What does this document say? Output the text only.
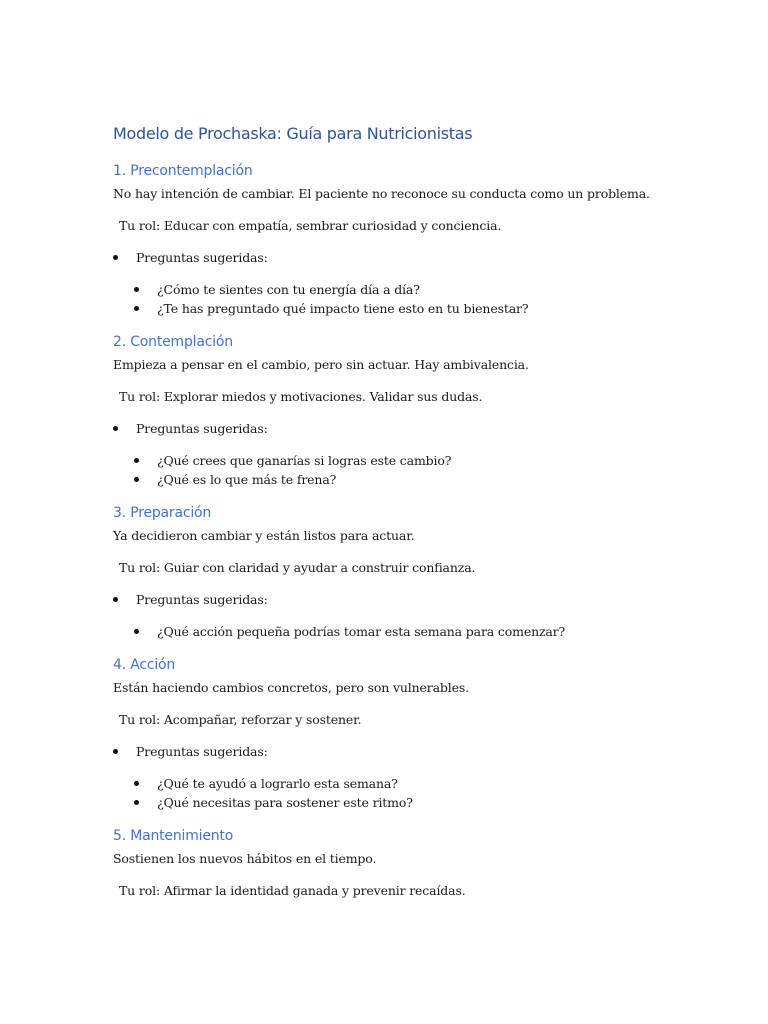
Modelo de Prochaska: Guía para Nutricionistas
1. Precontemplación
No hay intención de cambiar. El paciente no reconoce su conducta como un problema.
Tu rol: Educar con empatía, sembrar curiosidad y conciencia.
Preguntas sugeridas:
¿Cómo te sientes con tu energía día a día?
¿Te has preguntado qué impacto tiene esto en tu bienestar?
2. Contemplación
Empieza a pensar en el cambio, pero sin actuar. Hay ambivalencia.
Tu rol: Explorar miedos y motivaciones. Validar sus dudas.
Preguntas sugeridas:
¿Qué crees que ganarías si logras este cambio?
¿Qué es lo que más te frena?
3. Preparación
Ya decidieron cambiar y están listos para actuar.
Tu rol: Guiar con claridad y ayudar a construir confianza.
Preguntas sugeridas:
¿Qué acción pequeña podrías tomar esta semana para comenzar?
4. Acción
Están haciendo cambios concretos, pero son vulnerables.
Tu rol: Acompañar, reforzar y sostener.
Preguntas sugeridas:
¿Qué te ayudó a lograrlo esta semana?
¿Qué necesitas para sostener este ritmo?
5. Mantenimiento
Sostienen los nuevos hábitos en el tiempo.
Tu rol: Afirmar la identidad ganada y prevenir recaídas.
